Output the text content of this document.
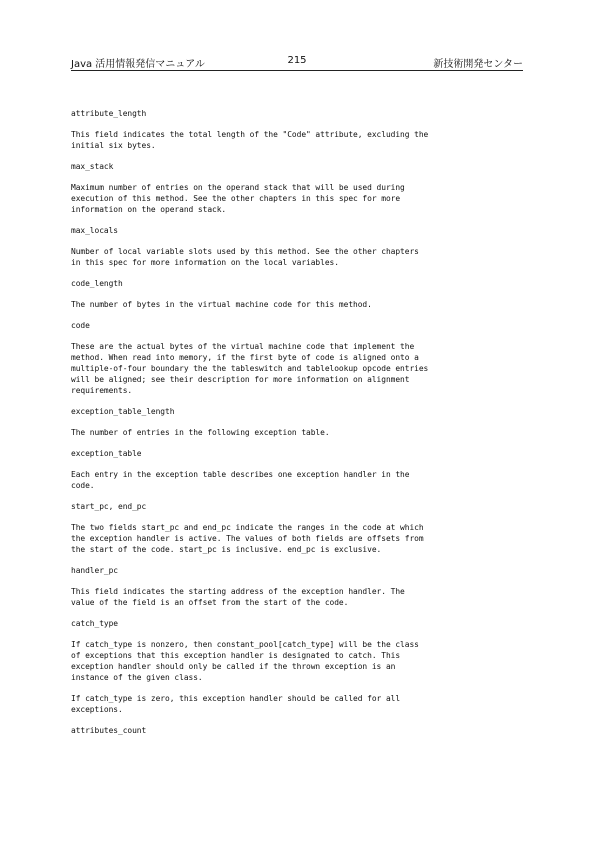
Java 活用情報発信マニュアル	215	新技術開発センター

attribute_length

This field indicates the total length of the "Code" attribute, excluding the
initial six bytes.

max_stack

Maximum number of entries on the operand stack that will be used during
execution of this method. See the other chapters in this spec for more
information on the operand stack.

max_locals

Number of local variable slots used by this method. See the other chapters
in this spec for more information on the local variables.

code_length

The number of bytes in the virtual machine code for this method.

code

These are the actual bytes of the virtual machine code that implement the
method. When read into memory, if the first byte of code is aligned onto a
multiple-of-four boundary the the tableswitch and tablelookup opcode entries
will be aligned; see their description for more information on alignment
requirements.

exception_table_length

The number of entries in the following exception table.

exception_table

Each entry in the exception table describes one exception handler in the
code.

start_pc, end_pc

The two fields start_pc and end_pc indicate the ranges in the code at which
the exception handler is active. The values of both fields are offsets from
the start of the code. start_pc is inclusive. end_pc is exclusive.

handler_pc

This field indicates the starting address of the exception handler. The
value of the field is an offset from the start of the code.

catch_type

If catch_type is nonzero, then constant_pool[catch_type] will be the class
of exceptions that this exception handler is designated to catch. This
exception handler should only be called if the thrown exception is an
instance of the given class.

If catch_type is zero, this exception handler should be called for all
exceptions.

attributes_count
